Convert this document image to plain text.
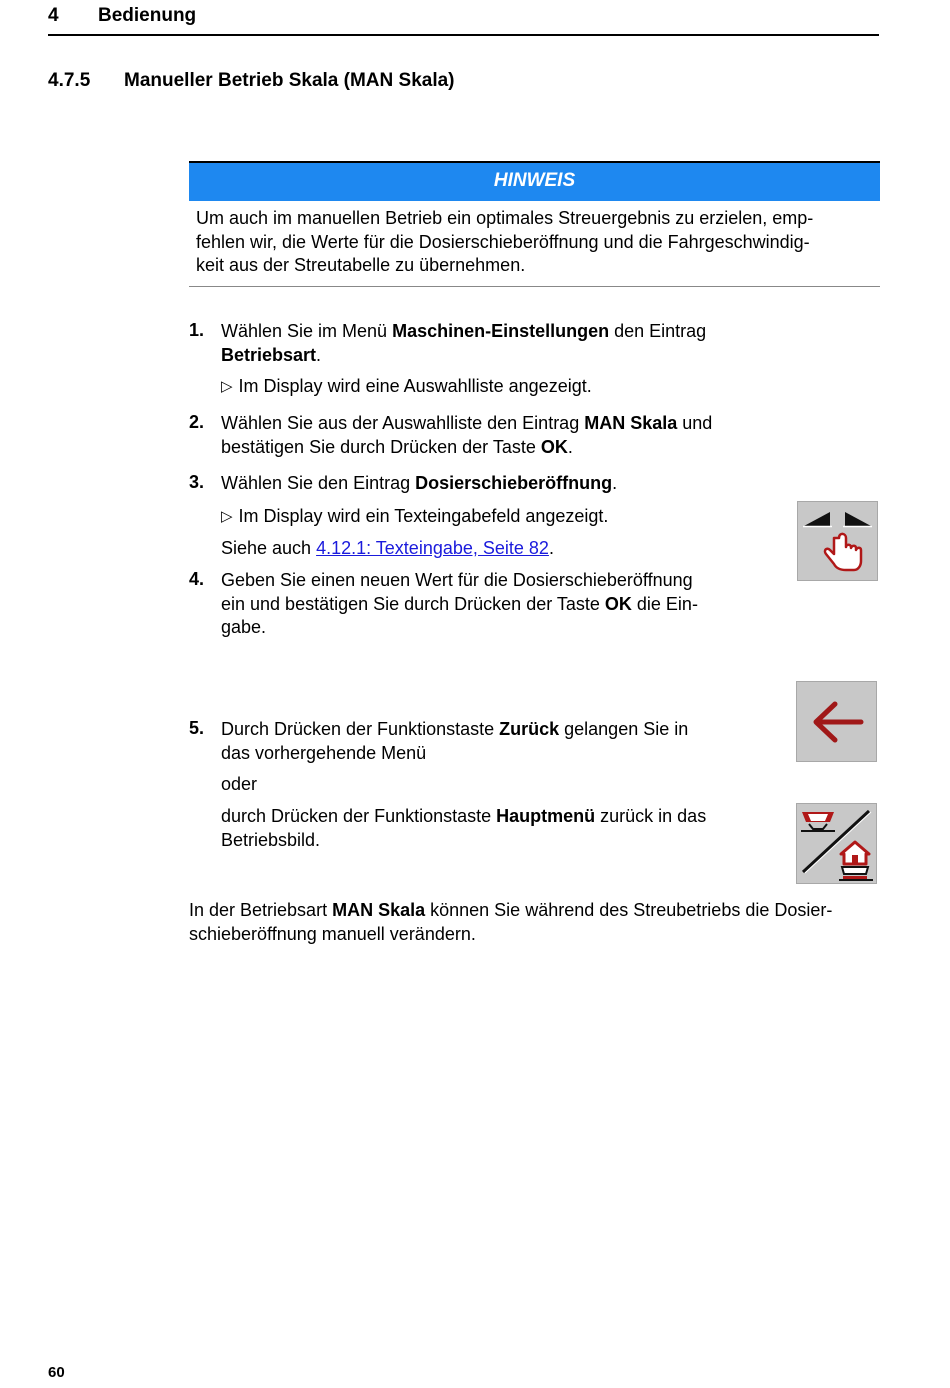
4 Bedienung
4.7.5 Manueller Betrieb Skala (MAN Skala)
HINWEIS
Um auch im manuellen Betrieb ein optimales Streuergebnis zu erzielen, emp-
fehlen wir, die Werte für die Dosierschieberöffnung und die Fahrgeschwindig-
keit aus der Streutabelle zu übernehmen.
1. Wählen Sie im Menü Maschinen-Einstellungen den Eintrag
Betriebsart.
▷ Im Display wird eine Auswahlliste angezeigt.
2. Wählen Sie aus der Auswahlliste den Eintrag MAN Skala und
bestätigen Sie durch Drücken der Taste OK.
3. Wählen Sie den Eintrag Dosierschieberöffnung.
▷ Im Display wird ein Texteingabefeld angezeigt.
Siehe auch 4.12.1: Texteingabe, Seite 82.
4. Geben Sie einen neuen Wert für die Dosierschieberöffnung
ein und bestätigen Sie durch Drücken der Taste OK die Ein-
gabe.
5. Durch Drücken der Funktionstaste Zurück gelangen Sie in
das vorhergehende Menü
oder
durch Drücken der Funktionstaste Hauptmenü zurück in das
Betriebsbild.
In der Betriebsart MAN Skala können Sie während des Streubetriebs die Dosier-
schieberöffnung manuell verändern.
60
